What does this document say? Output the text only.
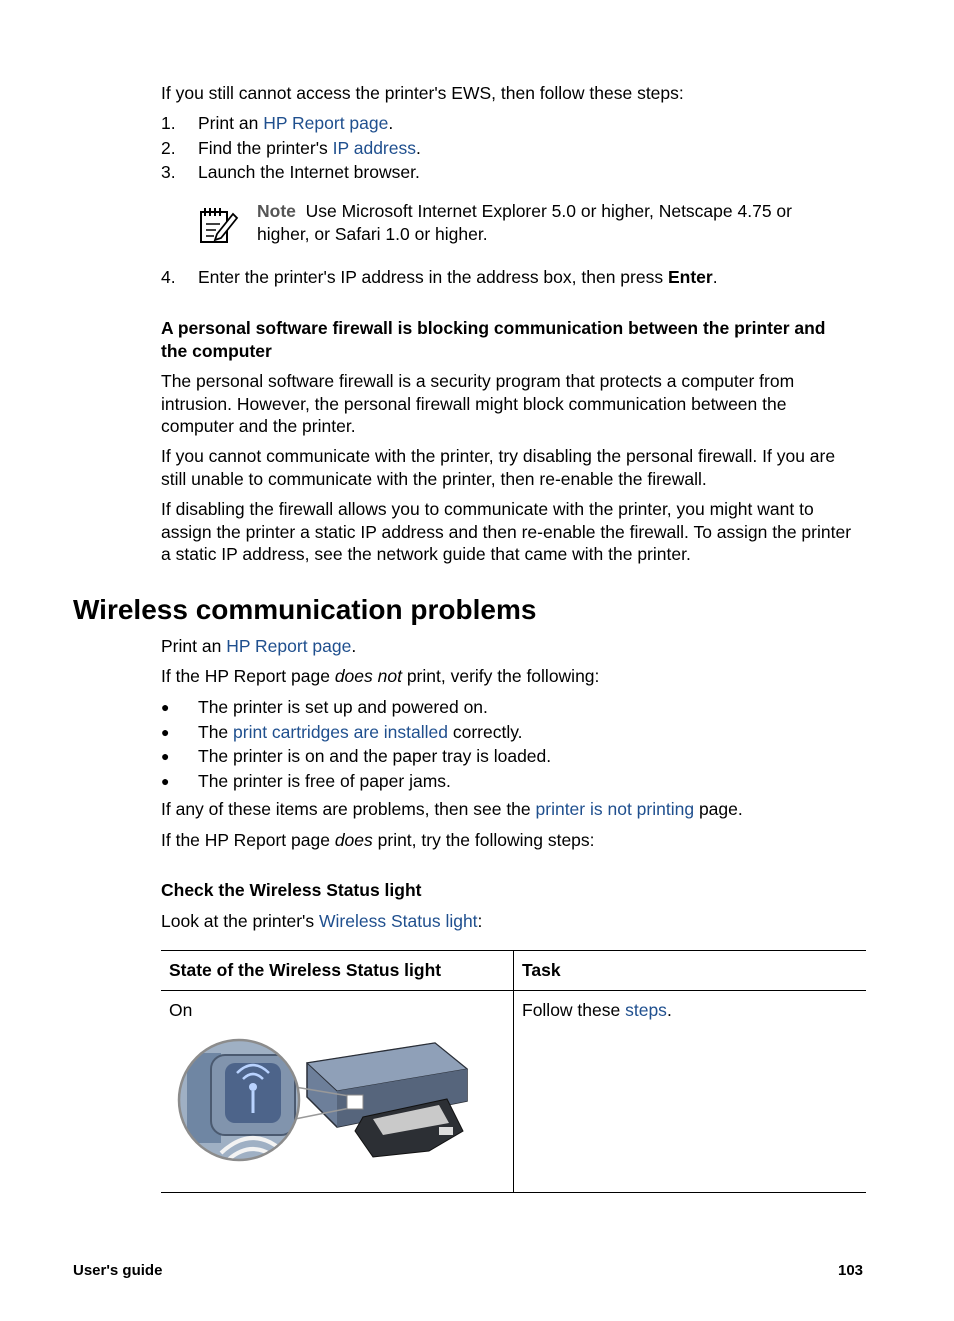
If you still cannot access the printer's EWS, then follow these steps:
1. Print an HP Report page.
2. Find the printer's IP address.
3. Launch the Internet browser.
Note Use Microsoft Internet Explorer 5.0 or higher, Netscape 4.75 or
higher, or Safari 1.0 or higher.
4. Enter the printer's IP address in the address box, then press Enter.
A personal software firewall is blocking communication between the printer and
the computer
The personal software firewall is a security program that protects a computer from
intrusion. However, the personal firewall might block communication between the
computer and the printer.
If you cannot communicate with the printer, try disabling the personal firewall. If you are
still unable to communicate with the printer, then re-enable the firewall.
If disabling the firewall allows you to communicate with the printer, you might want to
assign the printer a static IP address and then re-enable the firewall. To assign the printer
a static IP address, see the network guide that came with the printer.
Wireless communication problems
Print an HP Report page.
If the HP Report page does not print, verify the following:
● The printer is set up and powered on.
● The print cartridges are installed correctly.
● The printer is on and the paper tray is loaded.
● The printer is free of paper jams.
If any of these items are problems, then see the printer is not printing page.
If the HP Report page does print, try the following steps:
Check the Wireless Status light
Look at the printer's Wireless Status light:
State of the Wireless Status light	Task

On	Follow these steps.
User's guide	103
